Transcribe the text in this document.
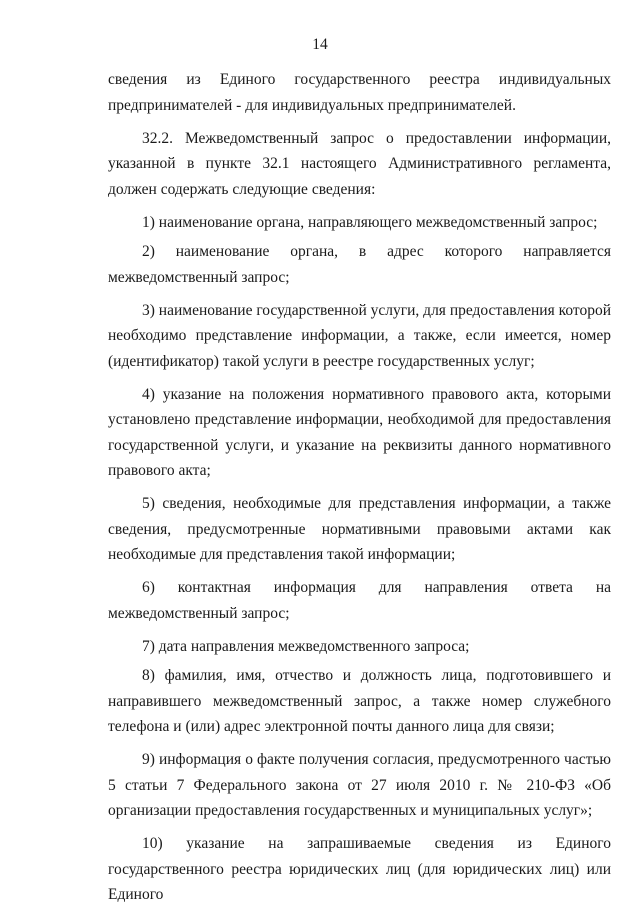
14

сведения из Единого государственного реестра индивидуальных предпринимателей - для индивидуальных предпринимателей.

32.2. Межведомственный запрос о предоставлении информации, указанной в пункте 32.1 настоящего Административного регламента, должен содержать следующие сведения:

1) наименование органа, направляющего межведомственный запрос;

2) наименование органа, в адрес которого направляется межведомственный запрос;

3) наименование государственной услуги, для предоставления которой необходимо представление информации, а также, если имеется, номер (идентификатор) такой услуги в реестре государственных услуг;

4) указание на положения нормативного правового акта, которыми установлено представление информации, необходимой для предоставления государственной услуги, и указание на реквизиты данного нормативного правового акта;

5) сведения, необходимые для представления информации, а также сведения, предусмотренные нормативными правовыми актами как необходимые для представления такой информации;

6) контактная информация для направления ответа на межведомственный запрос;

7) дата направления межведомственного запроса;

8) фамилия, имя, отчество и должность лица, подготовившего и направившего межведомственный запрос, а также номер служебного телефона и (или) адрес электронной почты данного лица для связи;

9) информация о факте получения согласия, предусмотренного частью 5 статьи 7 Федерального закона от 27 июля 2010 г. № 210-ФЗ «Об организации предоставления государственных и муниципальных услуг»;

10) указание на запрашиваемые сведения из Единого государственного реестра юридических лиц (для юридических лиц) или Единого
